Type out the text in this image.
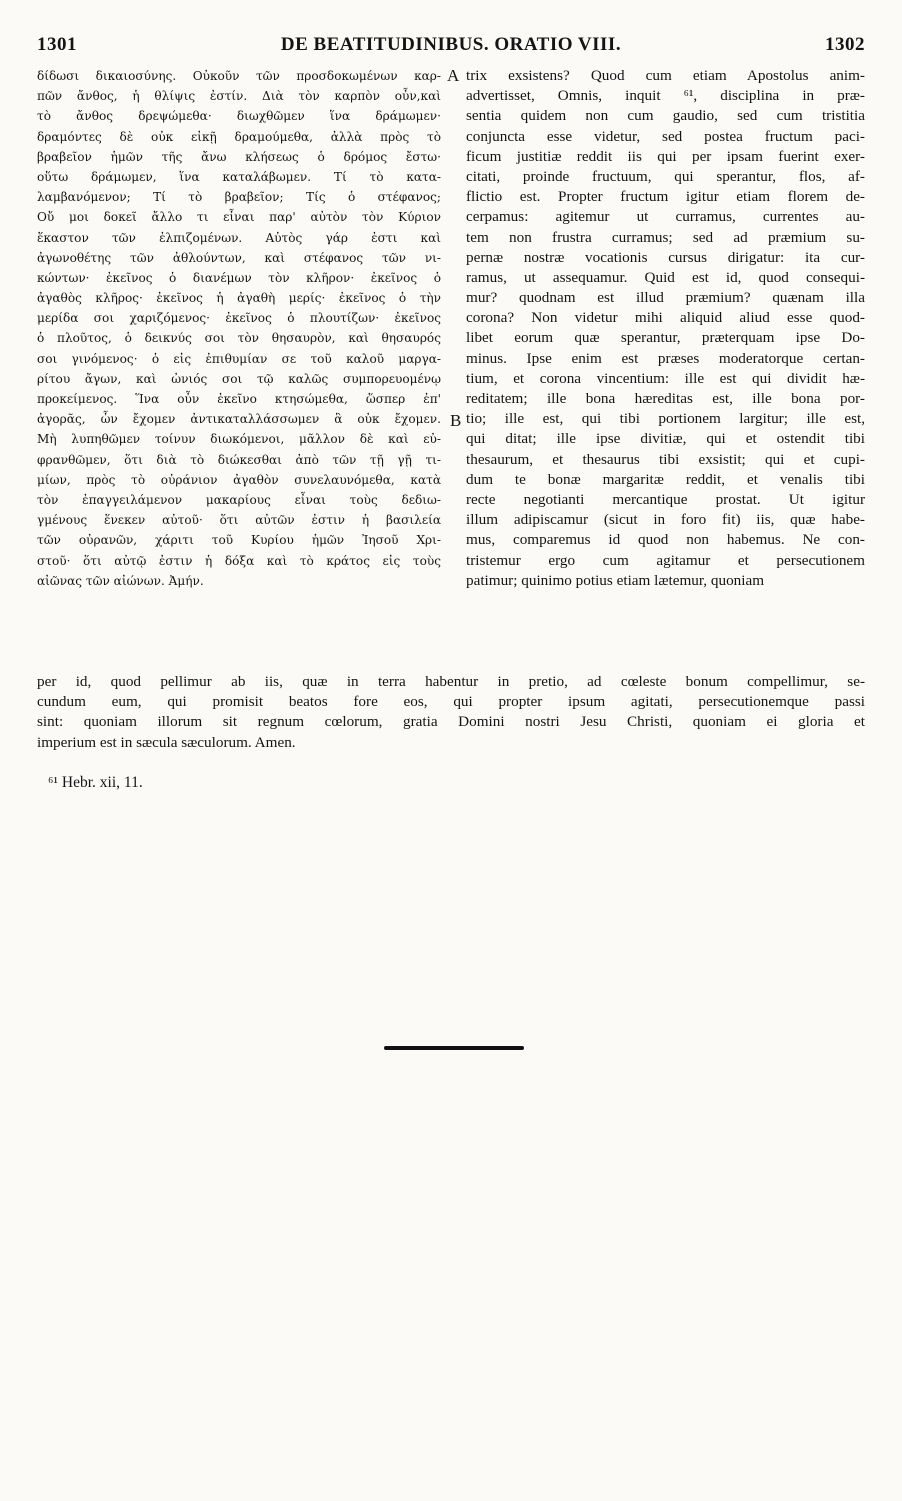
1301	DE BEATITUDINIBUS. ORATIO VIII.	1302
δίδωσι δικαιοσύνης. Οὐκοῦν τῶν προσδοκωμένων καρ-
πῶν ἄνθος, ἡ θλίψις ἐστίν. Διὰ τὸν καρπὸν οὖν,καὶ
τὸ ἄνθος δρεψώμεθα· διωχθῶμεν ἵνα δράμωμεν·
δραμόντες δὲ οὐκ εἰκῇ δραμούμεθα, ἀλλὰ πρὸς τὸ
βραβεῖον ἡμῶν τῆς ἄνω κλήσεως ὁ δρόμος ἔστω·
οὕτω δράμωμεν, ἵνα καταλάβωμεν. Τί τὸ κατα-
λαμβανόμενον; Τί τὸ βραβεῖον; Τίς ὁ στέφανος;
Οὔ μοι δοκεῖ ἄλλο τι εἶναι παρ' αὐτὸν τὸν Κύριον
ἕκαστον τῶν ἐλπιζομένων. Αὐτὸς γάρ ἐστι καὶ
ἀγωνοθέτης τῶν ἀθλούντων, καὶ στέφανος τῶν νι-
κώντων· ἐκεῖνος ὁ διανέμων τὸν κλῆρον· ἐκεῖνος ὁ
ἀγαθὸς κλῆρος· ἐκεῖνος ἡ ἀγαθὴ μερίς· ἐκεῖνος ὁ τὴν
μερίδα σοι χαριζόμενος· ἐκεῖνος ὁ πλουτίζων· ἐκεῖνος
ὁ πλοῦτος, ὁ δεικνύς σοι τὸν θησαυρὸν, καὶ θησαυρός
σοι γινόμενος· ὁ εἰς ἐπιθυμίαν σε τοῦ καλοῦ μαργα-
ρίτου ἄγων, καὶ ὠνιός σοι τῷ καλῶς συμπορευομένῳ
προκείμενος. Ἵνα οὖν ἐκεῖνο κτησώμεθα, ὥσπερ ἐπ'
ἀγορᾶς, ὧν ἔχομεν ἀντικαταλλάσσωμεν ἃ οὐκ ἔχομεν.
Μὴ λυπηθῶμεν τοίνυν διωκόμενοι, μᾶλλον δὲ καὶ εὐ-
φρανθῶμεν, ὅτι διὰ τὸ διώκεσθαι ἀπὸ τῶν τῇ γῇ τι-
μίων, πρὸς τὸ οὐράνιον ἀγαθὸν συνελαυνόμεθα, κατὰ
τὸν ἐπαγγειλάμενον μακαρίους εἶναι τοὺς δεδιω-
γμένους ἕνεκεν αὐτοῦ· ὅτι αὐτῶν ἐστιν ἡ βασιλεία
τῶν οὐρανῶν, χάριτι τοῦ Κυρίου ἡμῶν Ἰησοῦ Χρι-
στοῦ· ὅτι αὐτῷ ἐστιν ἡ δόξα καὶ τὸ κράτος εἰς τοὺς
αἰῶνας τῶν αἰώνων. Ἀμήν.
trix exsistens? Quod cum etiam Apostolus anim-
advertisset, Omnis, inquit ⁶¹, disciplina in præ-
sentia quidem non cum gaudio, sed cum tristitia
conjuncta esse videtur, sed postea fructum paci-
ficum justitiæ reddit iis qui per ipsam fuerint exer-
citati, proinde fructuum, qui sperantur, flos, af-
flictio est. Propter fructum igitur etiam florem de-
cerpamus: agitemur ut curramus, currentes au-
tem non frustra curramus; sed ad præmium su-
pernæ nostræ vocationis cursus dirigatur: ita cur-
ramus, ut assequamur. Quid est id, quod consequi-
mur? quodnam est illud præmium? quænam illa
corona? Non videtur mihi aliquid aliud esse quod-
libet eorum quæ sperantur, præterquam ipse Do-
minus. Ipse enim est præses moderatorque certan-
tium, et corona vincentium: ille est qui dividit hæ-
reditatem; ille bona hæreditas est, ille bona por-
tio; ille est, qui tibi portionem largitur; ille est,
qui ditat; ille ipse divitiæ, qui et ostendit tibi
thesaurum, et thesaurus tibi exsistit; qui et cupi-
dum te bonæ margaritæ reddit, et venalis tibi
recte negotianti mercantique prostat. Ut igitur
illum adipiscamur (sicut in foro fit) iis, quæ habe-
mus, comparemus id quod non habemus. Ne con-
tristemur ergo cum agitamur et persecutionem
patimur; quinimo potius etiam lætemur, quoniam
A
B
per id, quod pellimur ab iis, quæ in terra habentur in pretio, ad cœleste bonum compellimur, se-
cundum eum, qui promisit beatos fore eos, qui propter ipsum agitati, persecutionemque passi
sint: quoniam illorum sit regnum cœlorum, gratia Domini nostri Jesu Christi, quoniam ei gloria et
imperium est in sæcula sæculorum. Amen.
⁶¹ Hebr. xii, 11.
